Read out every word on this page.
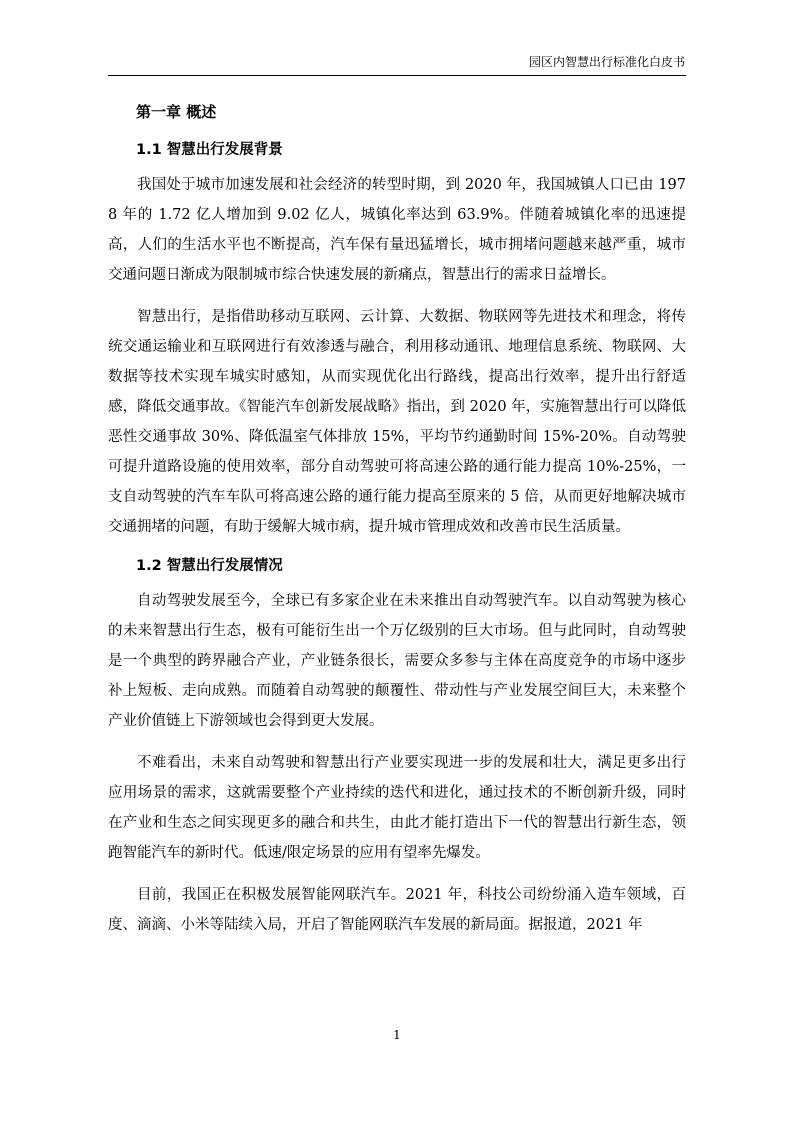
园区内智慧出行标准化白皮书
第一章 概述
1.1 智慧出行发展背景

我国处于城市加速发展和社会经济的转型时期，到 2020 年，我国城镇人口已由 1978 年的 1.72 亿人增加到 9.02 亿人，城镇化率达到 63.9%。伴随着城镇化率的迅速提高，人们的生活水平也不断提高，汽车保有量迅猛增长，城市拥堵问题越来越严重，城市交通问题日渐成为限制城市综合快速发展的新痛点，智慧出行的需求日益增长。

智慧出行，是指借助移动互联网、云计算、大数据、物联网等先进技术和理念，将传统交通运输业和互联网进行有效渗透与融合，利用移动通讯、地理信息系统、物联网、大数据等技术实现车城实时感知，从而实现优化出行路线，提高出行效率，提升出行舒适感，降低交通事故。《智能汽车创新发展战略》指出，到 2020 年，实施智慧出行可以降低恶性交通事故 30%、降低温室气体排放 15%，平均节约通勤时间 15%-20%。自动驾驶可提升道路设施的使用效率，部分自动驾驶可将高速公路的通行能力提高 10%-25%，一支自动驾驶的汽车车队可将高速公路的通行能力提高至原来的 5 倍，从而更好地解决城市交通拥堵的问题，有助于缓解大城市病，提升城市管理成效和改善市民生活质量。

1.2 智慧出行发展情况

自动驾驶发展至今，全球已有多家企业在未来推出自动驾驶汽车。以自动驾驶为核心的未来智慧出行生态，极有可能衍生出一个万亿级别的巨大市场。但与此同时，自动驾驶是一个典型的跨界融合产业，产业链条很长，需要众多参与主体在高度竞争的市场中逐步补上短板、走向成熟。而随着自动驾驶的颠覆性、带动性与产业发展空间巨大，未来整个产业价值链上下游领域也会得到更大发展。

不难看出，未来自动驾驶和智慧出行产业要实现进一步的发展和壮大，满足更多出行应用场景的需求，这就需要整个产业持续的迭代和进化，通过技术的不断创新升级，同时在产业和生态之间实现更多的融合和共生，由此才能打造出下一代的智慧出行新生态，领跑智能汽车的新时代。低速/限定场景的应用有望率先爆发。

目前，我国正在积极发展智能网联汽车。2021 年，科技公司纷纷涌入造车领域，百度、滴滴、小米等陆续入局，开启了智能网联汽车发展的新局面。据报道，2021 年

1
